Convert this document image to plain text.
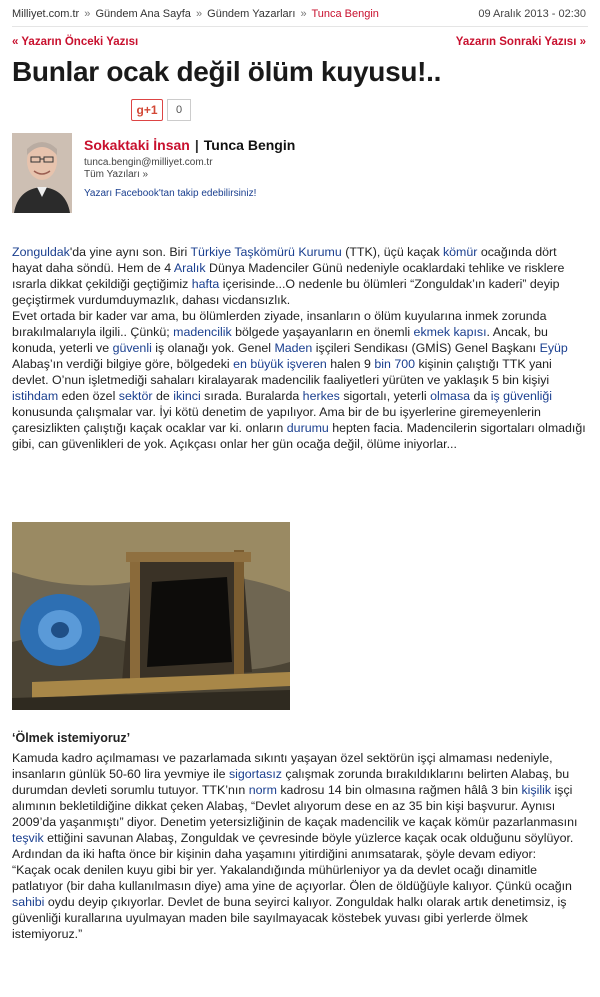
Milliyet.com.tr » Gündem Ana Sayfa » Gündem Yazarları » Tunca Bengin	09 Aralık 2013 - 02:30
« Yazarın Önceki Yazısı	Yazarın Sonraki Yazısı »
Bunlar ocak değil ölüm kuyusu!..
g+1 0
Sokaktaki İnsan | Tunca Bengin
tunca.bengin@milliyet.com.tr
Tüm Yazıları »
Yazarı Facebook'tan takip edebilirsiniz!

Zonguldak'da yine aynı son. Biri Türkiye Taşkömürü Kurumu (TTK), üçü kaçak kömür ocağında dört hayat daha söndü. Hem de 4 Aralık Dünya Madenciler Günü nedeniyle ocaklardaki tehlike ve risklere ısrarla dikkat çekildiği geçtiğimiz hafta içerisinde...O nedenle bu ölümleri “Zonguldak’ın kaderi” deyip geçiştirmek vurdumduymazlık, dahası vicdansızlık.

Evet ortada bir kader var ama, bu ölümlerden ziyade, insanların o ölüm kuyularına inmek zorunda bırakılmalarıyla ilgili.. Çünkü; madencilik bölgede yaşayanların en önemli ekmek kapısı. Ancak, bu konuda, yeterli ve güvenli iş olanağı yok. Genel Maden işçileri Sendikası (GMİS) Genel Başkanı Eyüp Alabaş’ın verdiği bilgiye göre, bölgedeki en büyük işveren halen 9 bin 700 kişinin çalıştığı TTK yani devlet. O’nun işletmediği sahaları kiralayarak madencilik faaliyetleri yürüten ve yaklaşık 5 bin kişiyi istihdam eden özel sektör de ikinci sırada. Buralarda herkes sigortalı, yeterli olmasa da iş güvenliği konusunda çalışmalar var. İyi kötü denetim de yapılıyor. Ama bir de bu işyerlerine giremeyenlerin çaresizlikten çalıştığı kaçak ocaklar var ki. onların durumu hepten facia. Madencilerin sigortaları olmadığı gibi, can güvenlikleri de yok. Açıkçası onlar her gün ocağa değil, ölüme iniyorlar...

‘Ölmek istemiyoruz’

Kamuda kadro açılmaması ve pazarlamada sıkıntı yaşayan özel sektörün işçi almaması nedeniyle, insanların günlük 50-60 lira yevmiye ile sigortasız çalışmak zorunda bırakıldıklarını belirten Alabaş, bu durumdan devleti sorumlu tutuyor. TTK’nın norm kadrosu 14 bin olmasına rağmen hâlâ 3 bin kişilik işçi alımının bekletildiğine dikkat çeken Alabaş, “Devlet alıyorum dese en az 35 bin kişi başvurur. Aynısı 2009’da yaşanmıştı” diyor. Denetim yetersizliğinin de kaçak madencilik ve kaçak kömür pazarlanmasını teşvik ettiğini savunan Alabaş, Zonguldak ve çevresinde böyle yüzlerce kaçak ocak olduğunu söylüyor. Ardından da iki hafta önce bir kişinin daha yaşamını yitirdiğini anımsatarak, şöyle devam ediyor:

“Kaçak ocak denilen kuyu gibi bir yer. Yakalandığında mühürleniyor ya da devlet ocağı dinamitle patlatıyor (bir daha kullanılmasın diye) ama yine de açıyorlar. Ölen de öldüğüyle kalıyor. Çünkü ocağın sahibi oydu deyip çıkıyorlar. Devlet de buna seyirci kalıyor. Zonguldak halkı olarak artık denetimsiz, iş güvenliği kurallarına uyulmayan maden bile sayılmayacak köstebek yuvası gibi yerlerde ölmek istemiyoruz.”
